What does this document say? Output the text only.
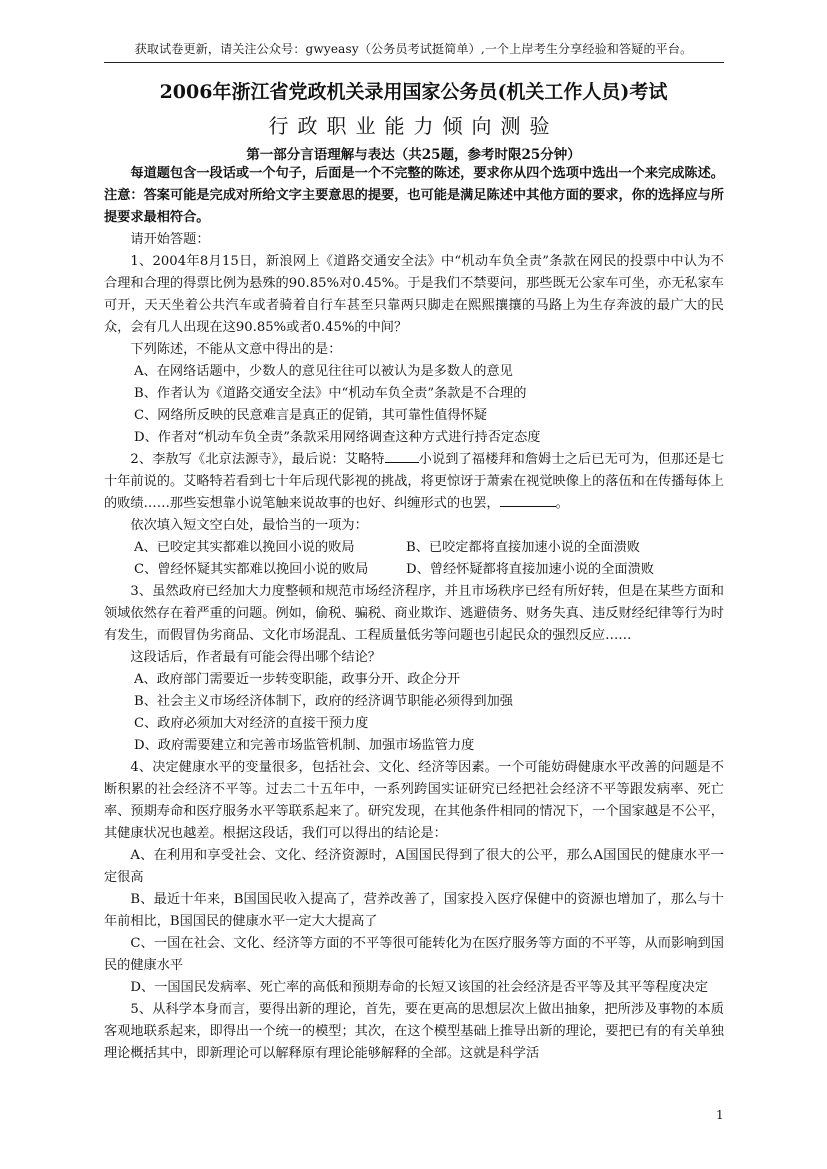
获取试卷更新，请关注公众号：gwyeasy（公务员考试挺简单）,一个上岸考生分享经验和答疑的平台。
2006年浙江省党政机关录用国家公务员(机关工作人员)考试
行政职业能力倾向测验
第一部分言语理解与表达（共25题，参考时限25分钟）

每道题包含一段话或一个句子，后面是一个不完整的陈述，要求你从四个选项中选出一个来完成陈述。注意：答案可能是完成对所给文字主要意思的提要，也可能是满足陈述中其他方面的要求，你的选择应与所提要求最相符合。

请开始答题：

1、2004年8月15日，新浪网上《道路交通安全法》中“机动车负全责”条款在网民的投票中中认为不合理和合理的得票比例为悬殊的90.85%对0.45%。于是我们不禁要问，那些既无公家车可坐，亦无私家车可开，天天坐着公共汽车或者骑着自行车甚至只靠两只脚走在熙熙攘攘的马路上为生存奔波的最广大的民众，会有几人出现在这90.85%或者0.45%的中间？

下列陈述，不能从文意中得出的是：

A、在网络话题中，少数人的意见往往可以被认为是多数人的意见

B、作者认为《道路交通安全法》中“机动车负全责”条款是不合理的

C、网络所反映的民意难言是真正的促销，其可靠性值得怀疑

D、作者对“机动车负全责”条款采用网络调查这种方式进行持否定态度

2、李敖写《北京法源寺》，最后说：艾略特	小说到了福楼拜和詹姆士之后已无可为，但那还是七十年前说的。艾略特若看到七十年后现代影视的挑战，将更惊讶于萧索在视觉映像上的落伍和在传播每体上的败绩……那些妄想靠小说笔触来说故事的也好、纠缠形式的也罢，	。

依次填入短文空白处，最恰当的一项为：

A、已咬定其实都难以挽回小说的败局	B、已咬定都将直接加速小说的全面溃败

C、曾经怀疑其实都难以挽回小说的败局	D、曾经怀疑都将直接加速小说的全面溃败

3、虽然政府已经加大力度整顿和规范市场经济程序，并且市场秩序已经有所好转，但是在某些方面和领域依然存在着严重的问题。例如，偷税、骗税、商业欺诈、逃避债务、财务失真、违反财经纪律等行为时有发生，而假冒伪劣商品、文化市场混乱、工程质量低劣等问题也引起民众的强烈反应……

这段话后，作者最有可能会得出哪个结论？

A、政府部门需要近一步转变职能，政事分开、政企分开

B、社会主义市场经济体制下，政府的经济调节职能必须得到加强

C、政府必须加大对经济的直接干预力度

D、政府需要建立和完善市场监管机制、加强市场监管力度

4、决定健康水平的变量很多，包括社会、文化、经济等因素。一个可能妨碍健康水平改善的问题是不断积累的社会经济不平等。过去二十五年中，一系列跨国实证研究已经把社会经济不平等跟发病率、死亡率、预期寿命和医疗服务水平等联系起来了。研究发现，在其他条件相同的情况下，一个国家越是不公平，其健康状况也越差。根据这段话，我们可以得出的结论是：

A、在利用和享受社会、文化、经济资源时，A国国民得到了很大的公平，那么A国国民的健康水平一定很高

B、最近十年来，B国国民收入提高了，营养改善了，国家投入医疗保健中的资源也增加了，那么与十年前相比，B国国民的健康水平一定大大提高了

C、一国在社会、文化、经济等方面的不平等很可能转化为在医疗服务等方面的不平等，从而影响到国民的健康水平

D、一国国民发病率、死亡率的高低和预期寿命的长短又该国的社会经济是否平等及其平等程度决定

5、从科学本身而言，要得出新的理论，首先，要在更高的思想层次上做出抽象，把所涉及事物的本质客观地联系起来，即得出一个统一的模型；其次，在这个模型基础上推导出新的理论，要把已有的有关单独理论概括其中，即新理论可以解释原有理论能够解释的全部。这就是科学活

1
